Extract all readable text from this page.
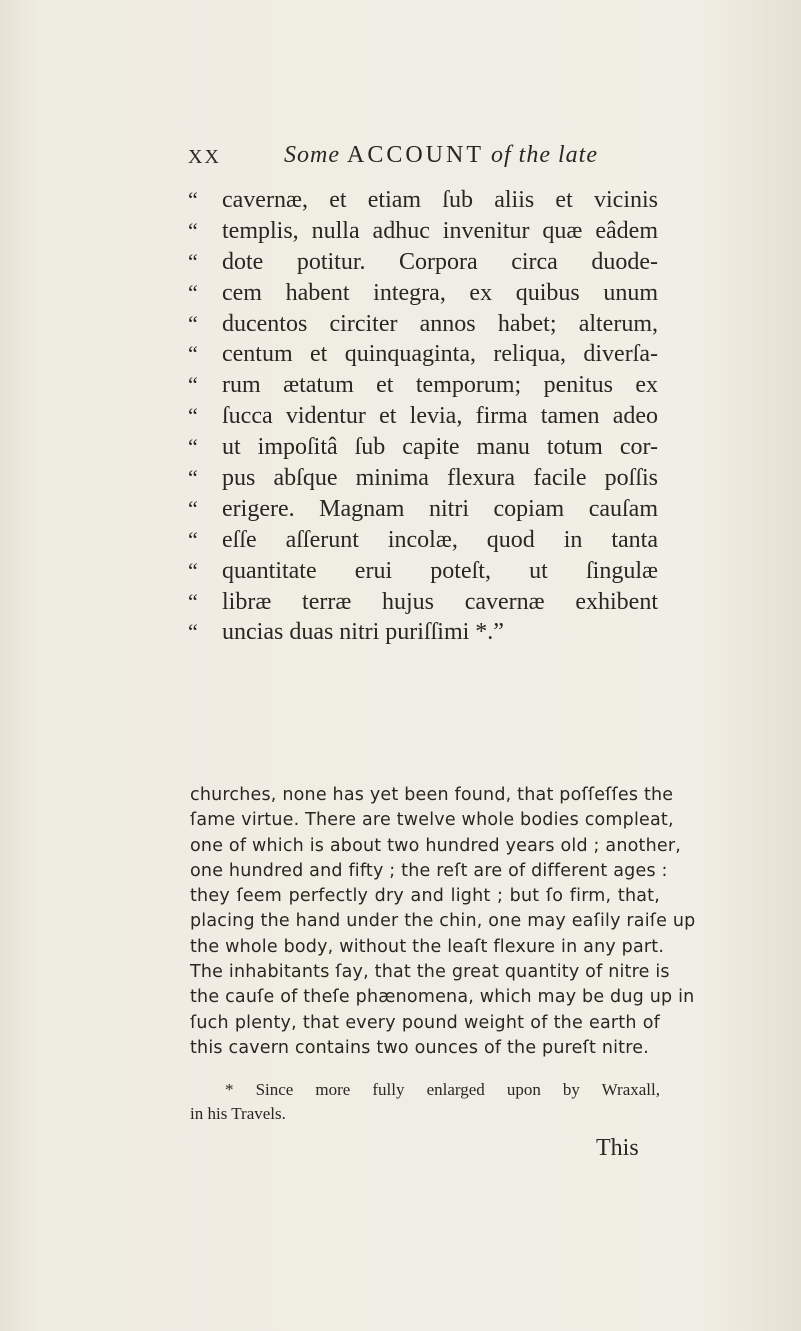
XX	Some ACCOUNT of the late
“	cavernæ, et etiam ſub aliis et vicinis
“	templis, nulla adhuc invenitur quæ eâdem
“	dote potitur. Corpora circa duode-
“	cem habent integra, ex quibus unum
“	ducentos circiter annos habet; alterum,
“	centum et quinquaginta, reliqua, diverſa-
“	rum ætatum et temporum; penitus ex
“	ſucca videntur et levia, firma tamen adeo
“	ut impoſitâ ſub capite manu totum cor-
“	pus abſque minima flexura facile poſſis
“	erigere. Magnam nitri copiam cauſam
“	eſſe aſſerunt incolæ, quod in tanta
“	quantitate erui poteſt, ut ſingulæ
“	libræ terræ hujus cavernæ exhibent
“	uncias duas nitri puriſſimi *.”
churches, none has yet been found, that poſſeſſes the
ſame virtue. There are twelve whole bodies compleat,
one of which is about two hundred years old ; another,
one hundred and fifty ; the reſt are of different ages :
they ſeem perfectly dry and light ; but ſo firm, that,
placing the hand under the chin, one may eaſily raiſe up
the whole body, without the leaſt flexure in any part.
The inhabitants ſay, that the great quantity of nitre is
the cauſe of theſe phænomena, which may be dug up in
ſuch plenty, that every pound weight of the earth of
this cavern contains two ounces of the pureſt nitre.
* Since more fully enlarged upon by Wraxall,
in his Travels.
This
